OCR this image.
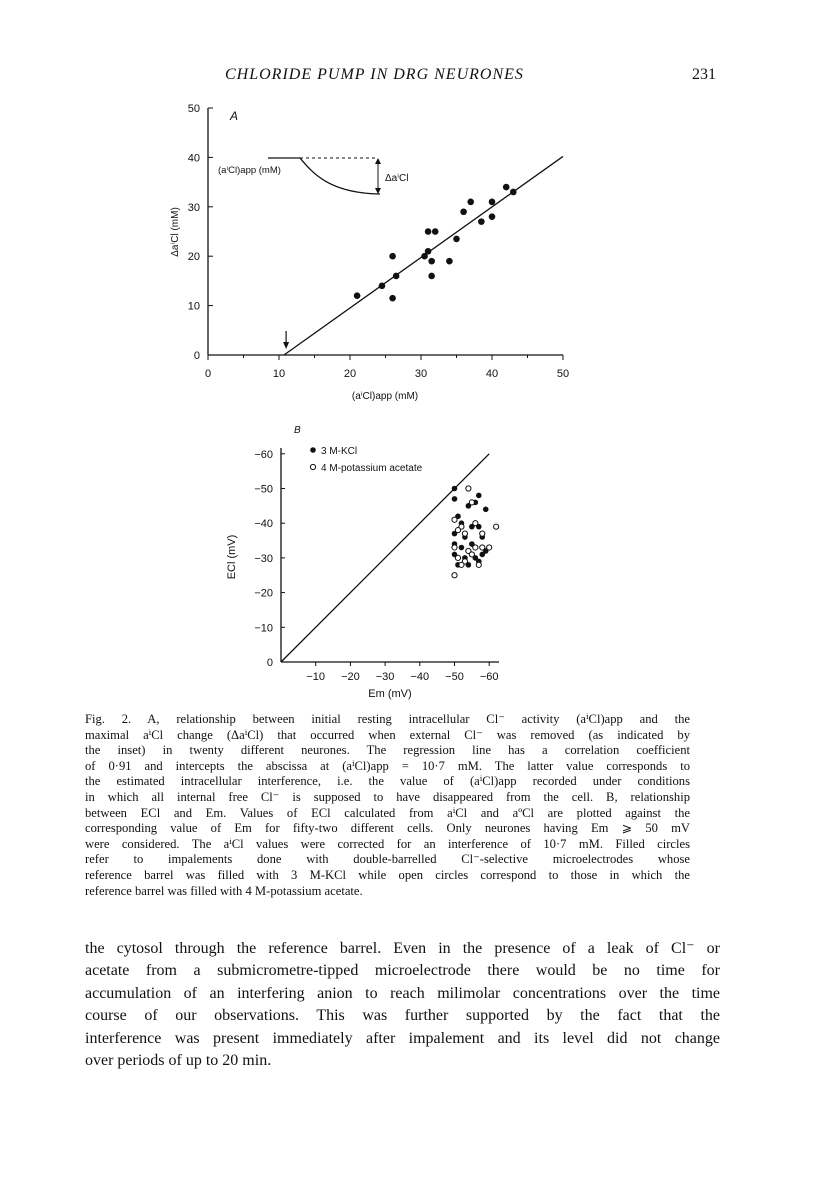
CHLORIDE PUMP IN DRG NEURONES	231
A
0	10	20	30	40	50
0
10
20
30
40
50
(aⁱCl)app (mM)
ΔaⁱCl
(aⁱCl)app (mM)
ΔaⁱCl (mM)
B
−10 −20 −30 −40 −50 −60
0
−10
−20
−30
−40
−50
−60	3 M-KCl
4 M-potassium acetate
Em (mV)
ECl (mV)

Fig. 2. A, relationship between initial resting intracellular Cl⁻ activity (aⁱCl)app and the
maximal aⁱCl change (ΔaⁱCl) that occurred when external Cl⁻ was removed (as indicated by
the inset) in twenty different neurones. The regression line has a correlation coefficient
of 0·91 and intercepts the abscissa at (aⁱCl)app = 10·7 mM. The latter value corresponds to
the estimated intracellular interference, i.e. the value of (aⁱCl)app recorded under conditions
in which all internal free Cl⁻ is supposed to have disappeared from the cell. B, relationship
between ECl and Em. Values of ECl calculated from aⁱCl and aºCl are plotted against the
corresponding value of Em for fifty-two different cells. Only neurones having Em ⩾ 50 mV
were considered. The aⁱCl values were corrected for an interference of 10·7 mM. Filled circles
refer to impalements done with double-barrelled Cl⁻-selective microelectrodes whose
reference barrel was filled with 3 M-KCl while open circles correspond to those in which the
reference barrel was filled with 4 M-potassium acetate.

the cytosol through the reference barrel. Even in the presence of a leak of Cl⁻ or
acetate from a submicrometre-tipped microelectrode there would be no time for
accumulation of an interfering anion to reach milimolar concentrations over the time
course of our observations. This was further supported by the fact that the
interference was present immediately after impalement and its level did not change
over periods of up to 20 min.
